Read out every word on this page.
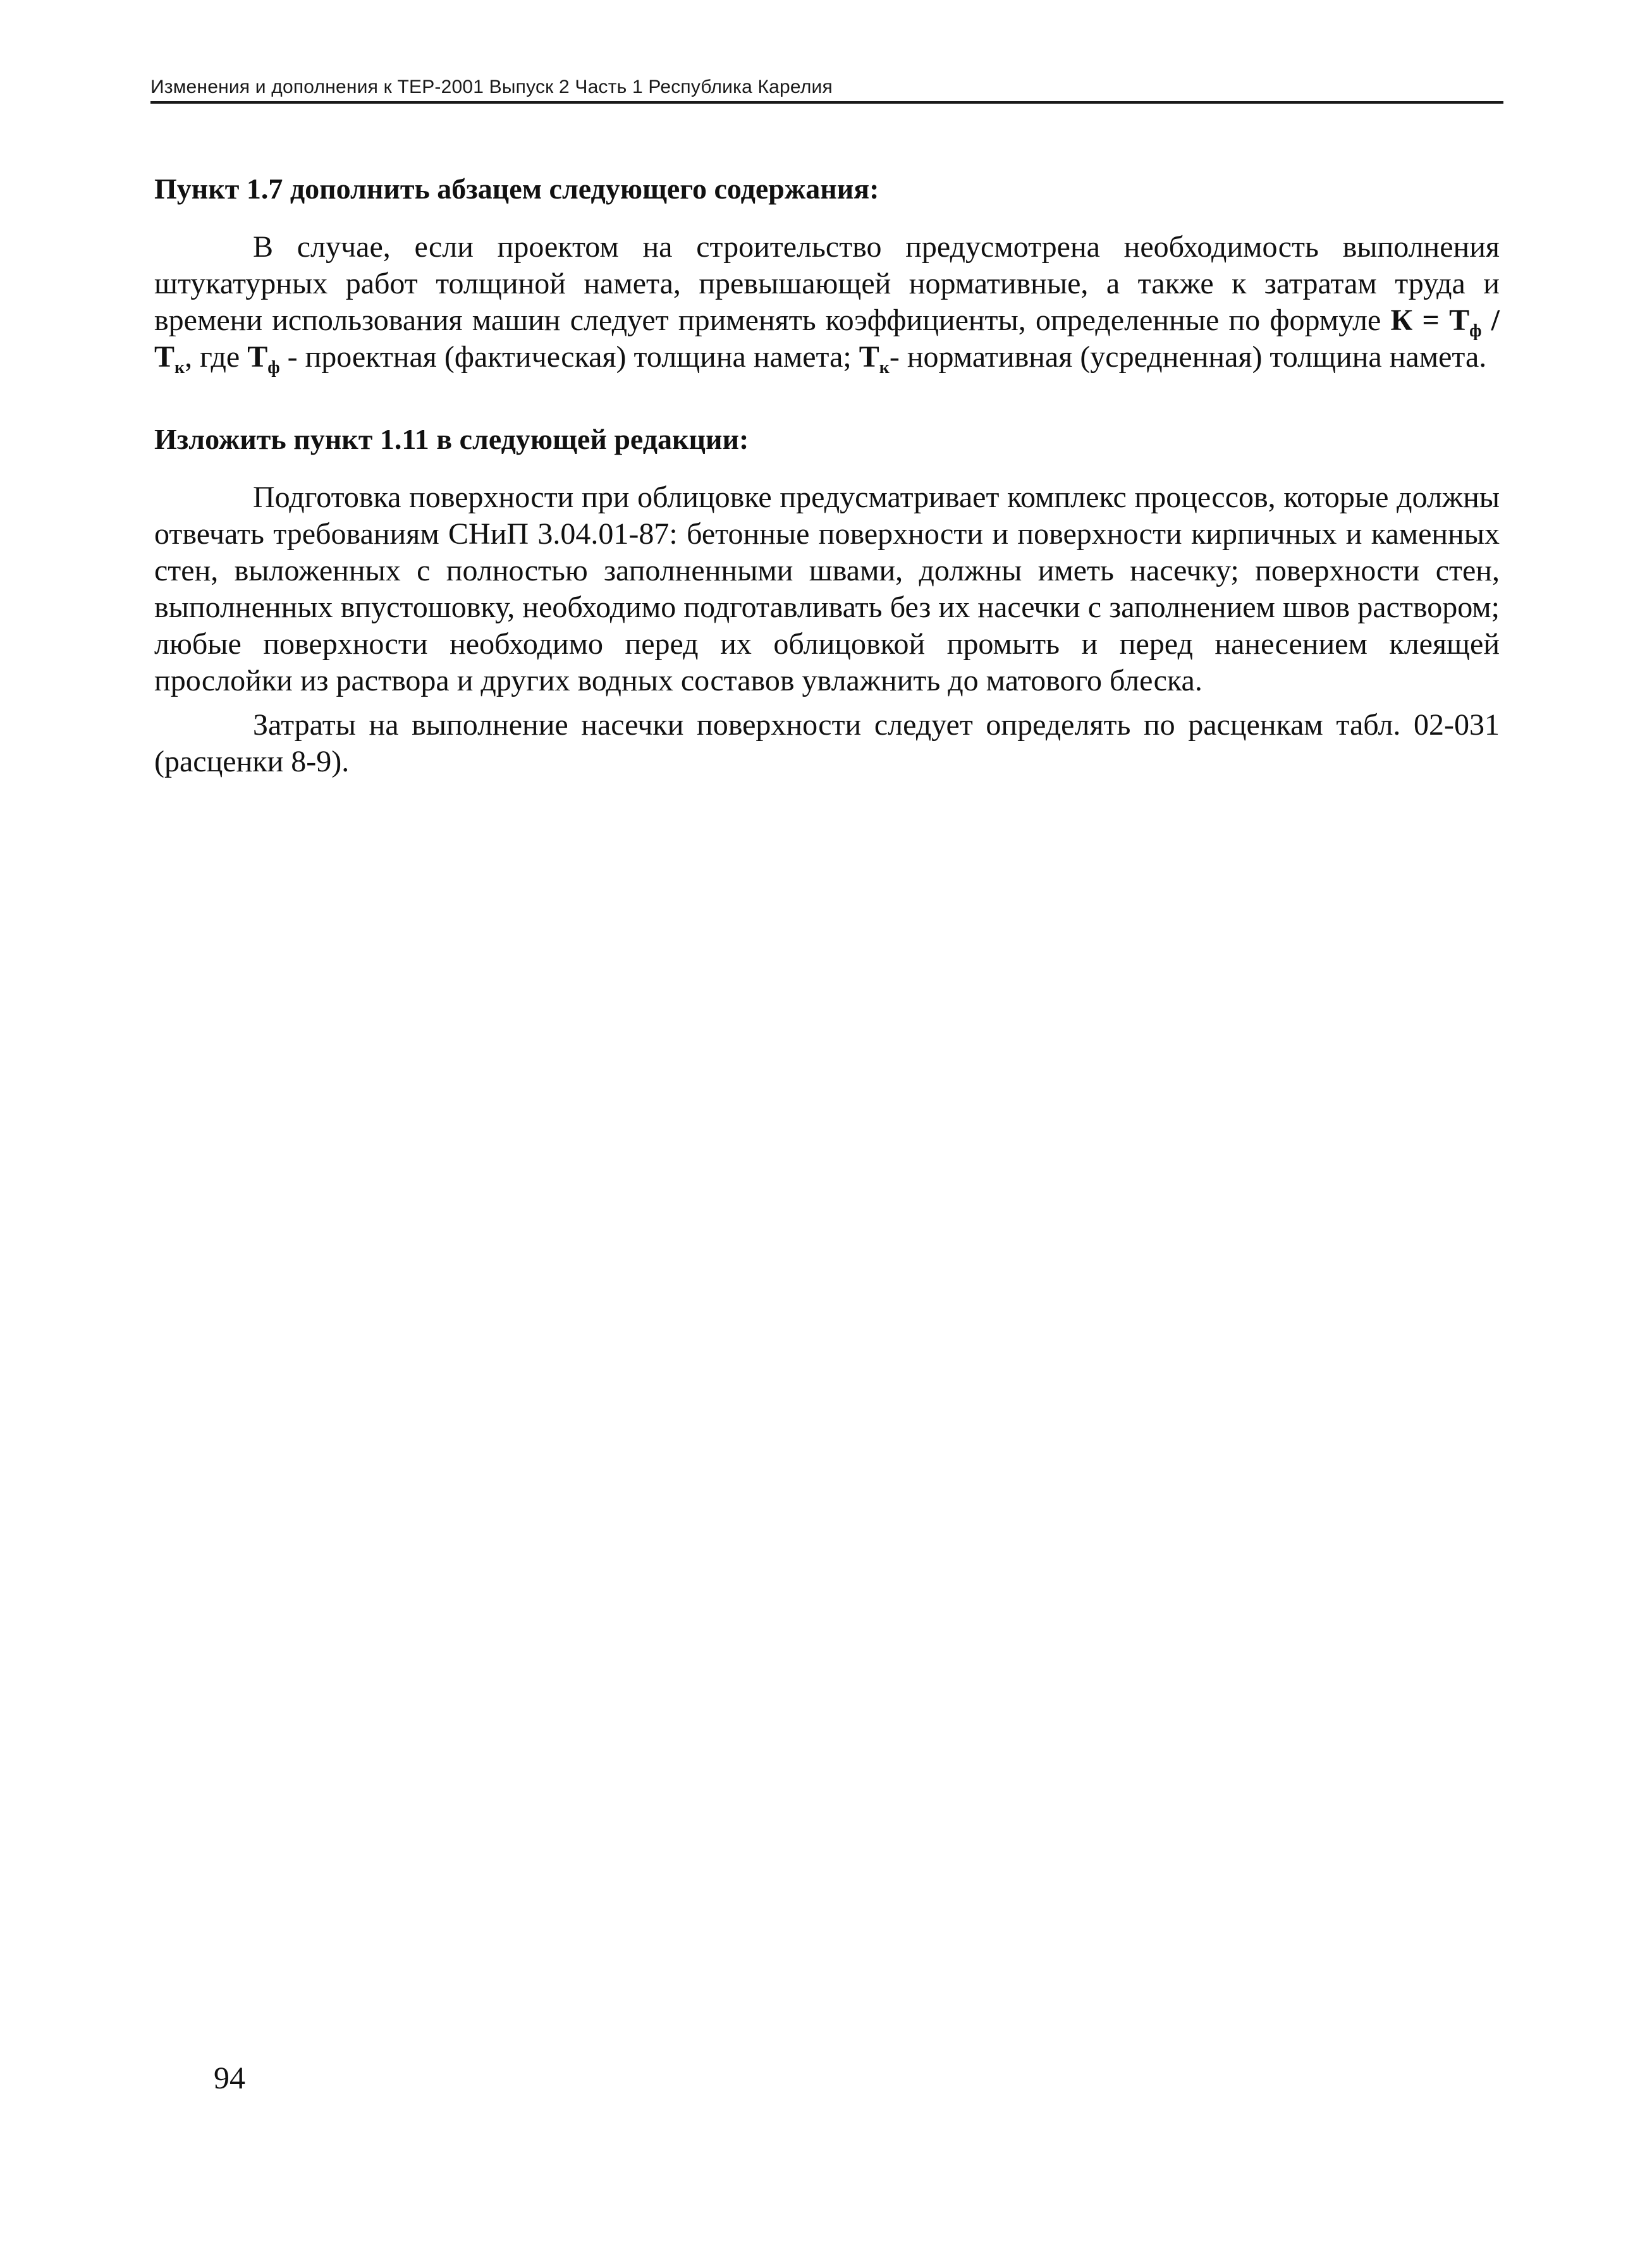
Изменения и дополнения к ТЕР-2001 Выпуск 2 Часть 1 Республика Карелия

Пункт 1.7 дополнить абзацем следующего содержания:

В случае, если проектом на строительство предусмотрена необходимость выполнения штукатурных работ толщиной намета, превышающей нормативные, а также к затратам труда и времени использования машин следует применять коэффициенты, определенные по формуле $К = Т_ф / Т_к$, где $Т_ф$ - проектная (фактическая) толщина намета; $Т_к-$ нормативная (усредненная) толщина намета.

Изложить пункт 1.11 в следующей редакции:

Подготовка поверхности при облицовке предусматривает комплекс процессов, которые должны отвечать требованиям СНиП 3.04.01-87: бетонные поверхности и поверхности кирпичных и каменных стен, выложенных с полностью заполненными швами, должны иметь насечку; поверхности стен, выполненных впустошовку, необходимо подготавливать без их насечки с заполнением швов раствором; любые поверхности необходимо перед их облицовкой промыть и перед нанесением клеящей прослойки из раствора и других водных составов увлажнить до матового блеска.

Затраты на выполнение насечки поверхности следует определять по расценкам табл. 02-031 (расценки 8-9).

94
